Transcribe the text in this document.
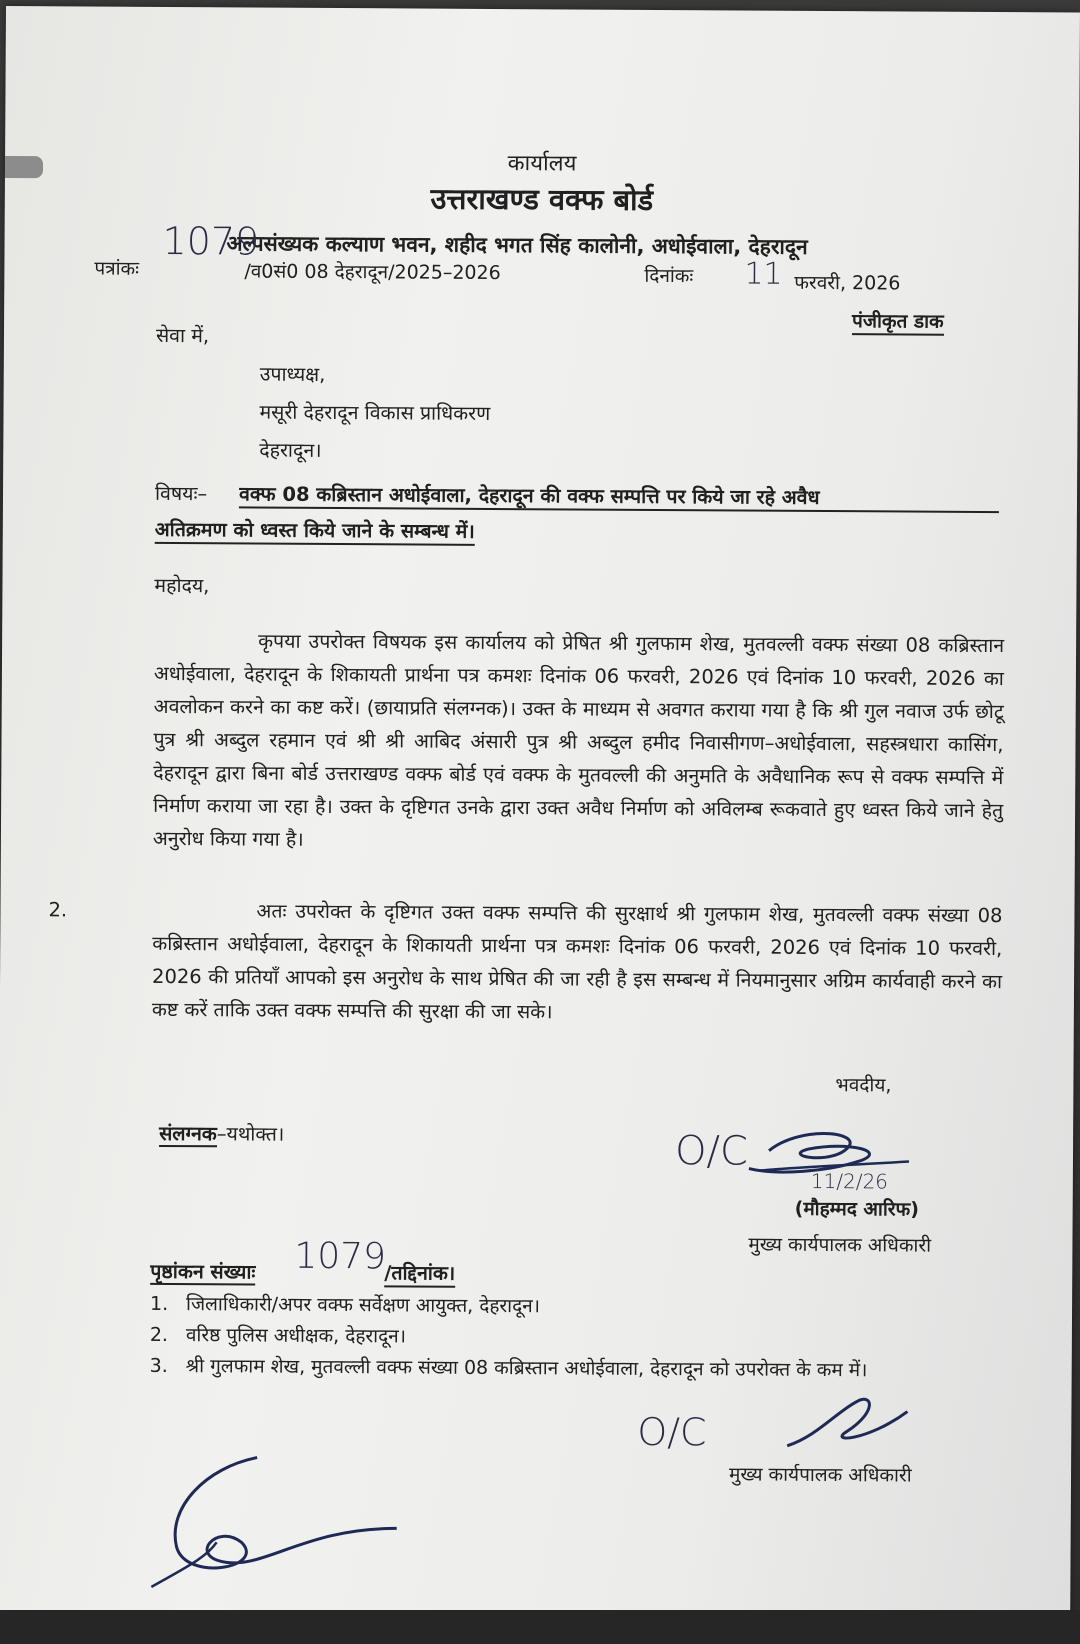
कार्यालय
उत्तराखण्ड वक्फ बोर्ड
अल्पसंख्यक कल्याण भवन, शहीद भगत सिंह कालोनी, अधोईवाला, देहरादून
पत्रांकः
1079
/व0सं0 08 देहरादून/2025–2026	दिनांकः 11 फरवरी, 2026
पंजीकृत डाक
सेवा में,
उपाध्यक्ष,
मसूरी देहरादून विकास प्राधिकरण
देहरादून।
विषयः– वक्फ 08 कब्रिस्तान अधोईवाला, देहरादून की वक्फ सम्पत्ति पर किये जा रहे अवैध
अतिक्रमण को ध्वस्त किये जाने के सम्बन्ध में।
महोदय,

कृपया उपरोक्त विषयक इस कार्यालय को प्रेषित श्री गुलफाम शेख, मुतवल्ली वक्फ संख्या 08 कब्रिस्तान अधोईवाला, देहरादून के शिकायती प्रार्थना पत्र कमशः दिनांक 06 फरवरी, 2026 एवं दिनांक 10 फरवरी, 2026 का अवलोकन करने का कष्ट करें। (छायाप्रति संलग्नक)। उक्त के माध्यम से अवगत कराया गया है कि श्री गुल नवाज उर्फ छोटू पुत्र श्री अब्दुल रहमान एवं श्री श्री आबिद अंसारी पुत्र श्री अब्दुल हमीद निवासीगण–अधोईवाला, सहस्त्रधारा कासिंग, देहरादून द्वारा बिना बोर्ड उत्तराखण्ड वक्फ बोर्ड एवं वक्फ के मुतवल्ली की अनुमति के अवैधानिक रूप से वक्फ सम्पत्ति में निर्माण कराया जा रहा है। उक्त के दृष्टिगत उनके द्वारा उक्त अवैध निर्माण को अविलम्ब रूकवाते हुए ध्वस्त किये जाने हेतु अनुरोध किया गया है।

2.	अतः उपरोक्त के दृष्टिगत उक्त वक्फ सम्पत्ति की सुरक्षार्थ श्री गुलफाम शेख, मुतवल्ली वक्फ संख्या 08 कब्रिस्तान अधोईवाला, देहरादून के शिकायती प्रार्थना पत्र कमशः दिनांक 06 फरवरी, 2026 एवं दिनांक 10 फरवरी, 2026 की प्रतियॉं आपको इस अनुरोध के साथ प्रेषित की जा रही है इस सम्बन्ध में नियमानुसार अग्रिम कार्यवाही करने का कष्ट करें ताकि उक्त वक्फ सम्पत्ति की सुरक्षा की जा सके।

भवदीय,
संलग्नक–यथोक्त।	O/C
11/2/26
(मौहम्मद आरिफ)
मुख्य कार्यपालक अधिकारी
पृष्ठांकन संख्याः 1079
/तद्दिनांक।
1. जिलाधिकारी/अपर वक्फ सर्वेक्षण आयुक्त, देहरादून।
2. वरिष्ठ पुलिस अधीक्षक, देहरादून।
3. श्री गुलफाम शेख, मुतवल्ली वक्फ संख्या 08 कब्रिस्तान अधोईवाला, देहरादून को उपरोक्त के कम में।
O/C
मुख्य कार्यपालक अधिकारी
